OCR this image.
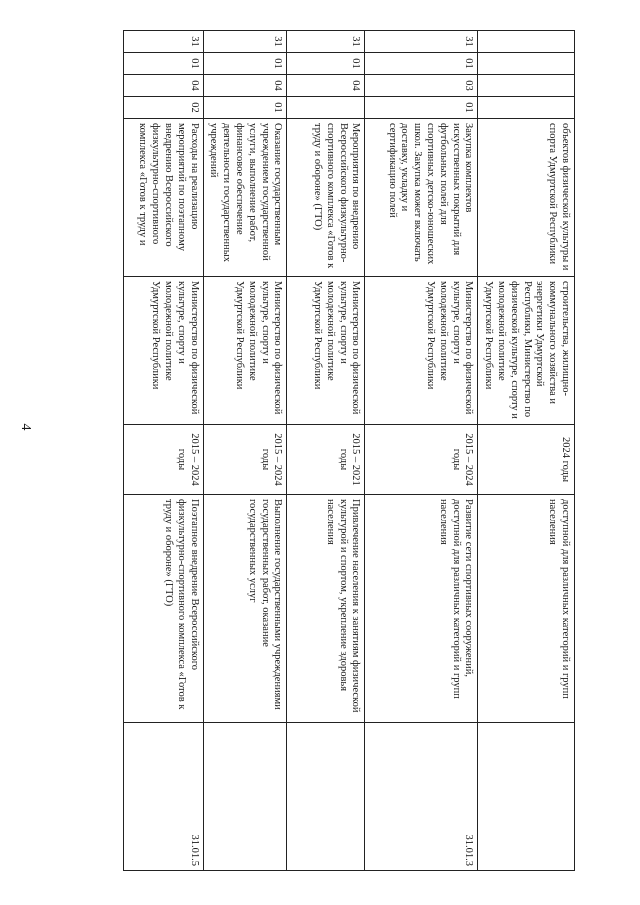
4
				объектов физической культуры и спорта Удмуртской Республики	строительства, жилищно-коммунального хозяйства и энергетики Удмуртской Республики, Министерство по физической культуре, спорту и молодежной политике Удмуртской Республики	2024 годы	доступной для различных категорий и групп населения	
31	01	03	01	Закупка комплектов искусственных покрытий для футбольных полей для спортивных детско-юношеских школ. Закупка может включать доставку, укладку и сертификацию полей	Министерство по физической культуре, спорту и молодежной политике Удмуртской Республики	2015 – 2024 годы	Развитие сети спортивных сооружений, доступной для различных категорий и групп населения	31.01.3
31	01	04		Мероприятия по внедрению Всероссийского физкультурно-спортивного комплекса «Готов к труду и обороне» (ГТО)	Министерство по физической культуре, спорту и молодежной политике Удмуртской Республики	2015 – 2021 годы	Привлечение населения к занятиям физической культурой и спортом, укрепление здоровья населения	
31	01	04	01	Оказание государственным учреждением государственной услуги, выполнение работ, финансовое обеспечение деятельности государственных учреждений	Министерство по физической культуре, спорту и молодежной политике Удмуртской Республики	2015 – 2024 годы	Выполнение государственными учреждениями государственных работ, оказание государственных услуг	
31	01	04	02	Расходы на реализацию мероприятий по поэтапному внедрению Всероссийского физкультурно-спортивного комплекса «Готов к труду и	Министерство по физической культуре, спорту и молодежной политике Удмуртской Республики	2015 – 2024 годы	Поэтапное внедрение Всероссийского физкультурно-спортивного комплекса «Готов к труду и обороне» (ГТО)	31.01.5
